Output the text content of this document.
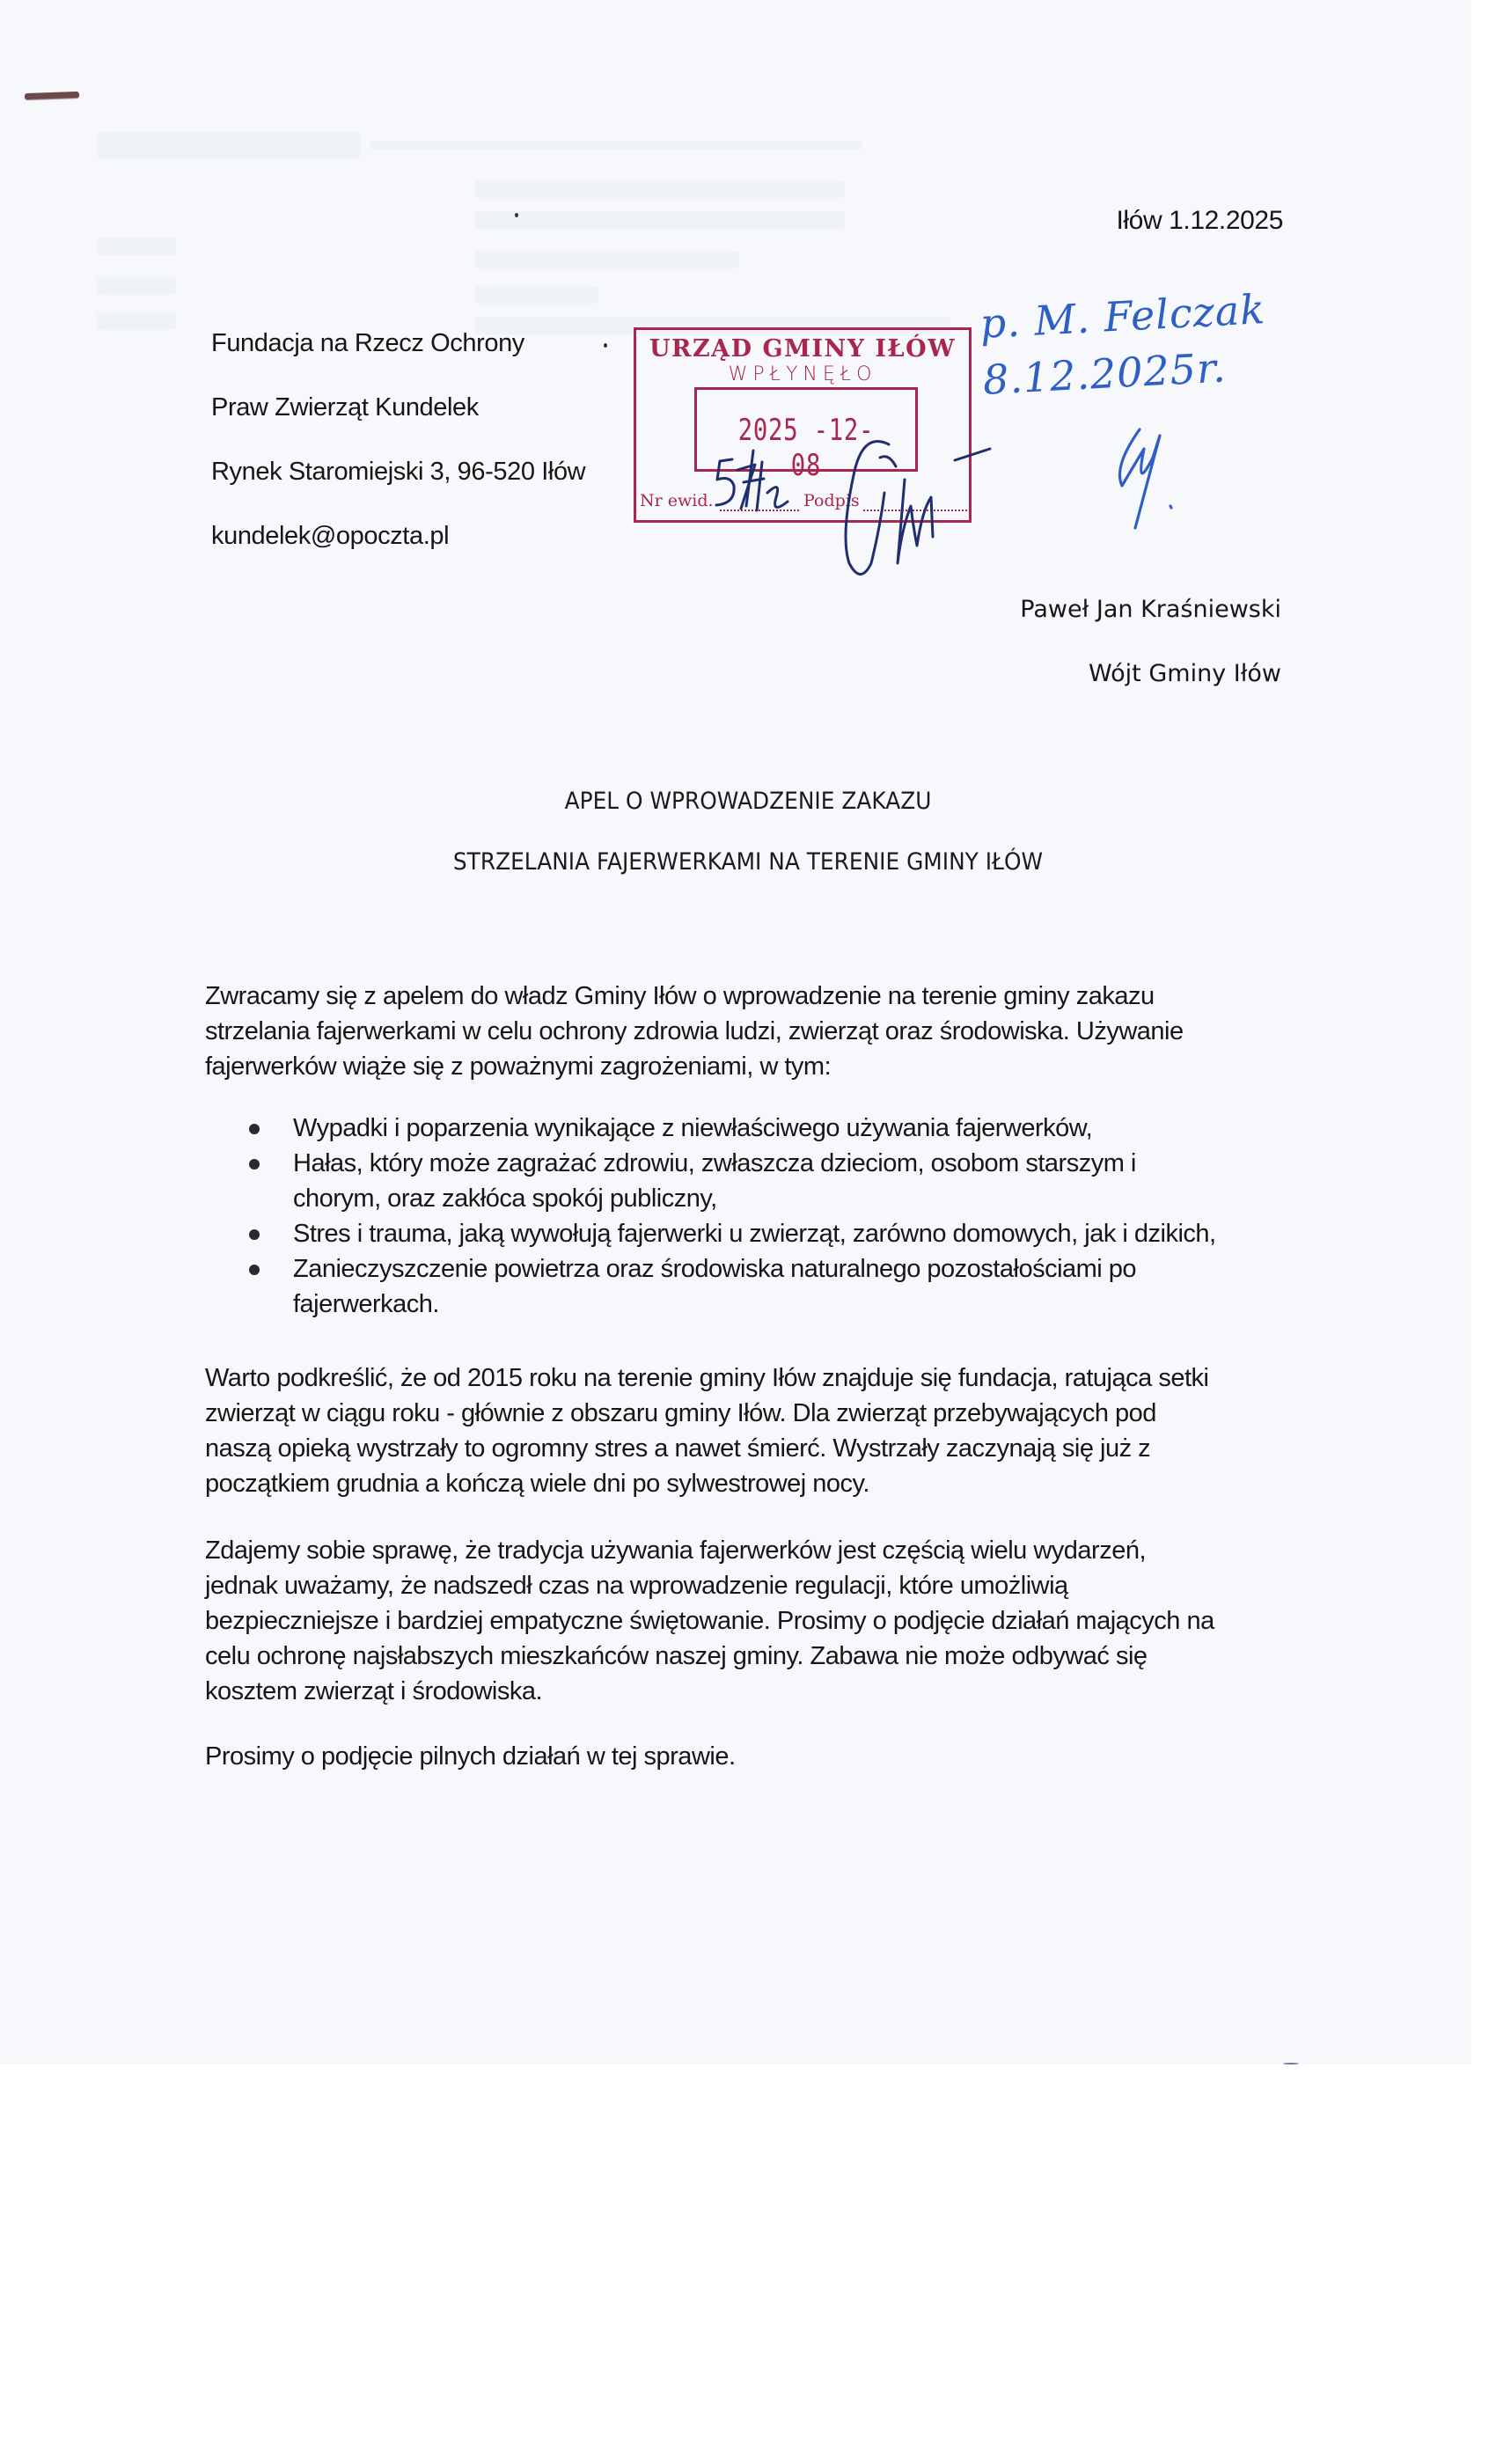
Iłów 1.12.2025
Fundacja na Rzecz Ochrony
Praw Zwierząt Kundelek
Rynek Staromiejski 3, 96-520 Iłów
kundelek@opoczta.pl
URZĄD GMINY IŁÓW
WPŁYNĘŁO
2025 -12- 08
Nr ewid.	Podpis
p. M. Felczak 8.12.2025r.
Paweł Jan Kraśniewski
Wójt Gminy Iłów
APEL O WPROWADZENIE ZAKAZU
STRZELANIA FAJERWERKAMI NA TERENIE GMINY IŁÓW

Zwracamy się z apelem do władz Gminy Iłów o wprowadzenie na terenie gminy zakazu

strzelania fajerwerkami w celu ochrony zdrowia ludzi, zwierząt oraz środowiska. Używanie

fajerwerków wiąże się z poważnymi zagrożeniami, w tym:

Wypadki i poparzenia wynikające z niewłaściwego używania fajerwerków,
Hałas, który może zagrażać zdrowiu, zwłaszcza dzieciom, osobom starszym i
chorym, oraz zakłóca spokój publiczny,
Stres i trauma, jaką wywołują fajerwerki u zwierząt, zarówno domowych, jak i dzikich,
Zanieczyszczenie powietrza oraz środowiska naturalnego pozostałościami po
fajerwerkach.

Warto podkreślić, że od 2015 roku na terenie gminy Iłów znajduje się fundacja, ratująca setki

zwierząt w ciągu roku - głównie z obszaru gminy Iłów. Dla zwierząt przebywających pod

naszą opieką wystrzały to ogromny stres a nawet śmierć. Wystrzały zaczynają się już z

początkiem grudnia a kończą wiele dni po sylwestrowej nocy.

Zdajemy sobie sprawę, że tradycja używania fajerwerków jest częścią wielu wydarzeń,

jednak uważamy, że nadszedł czas na wprowadzenie regulacji, które umożliwią

bezpieczniejsze i bardziej empatyczne świętowanie. Prosimy o podjęcie działań mających na

celu ochronę najsłabszych mieszkańców naszej gminy. Zabawa nie może odbywać się

kosztem zwierząt i środowiska.

Prosimy o podjęcie pilnych działań w tej sprawie.
